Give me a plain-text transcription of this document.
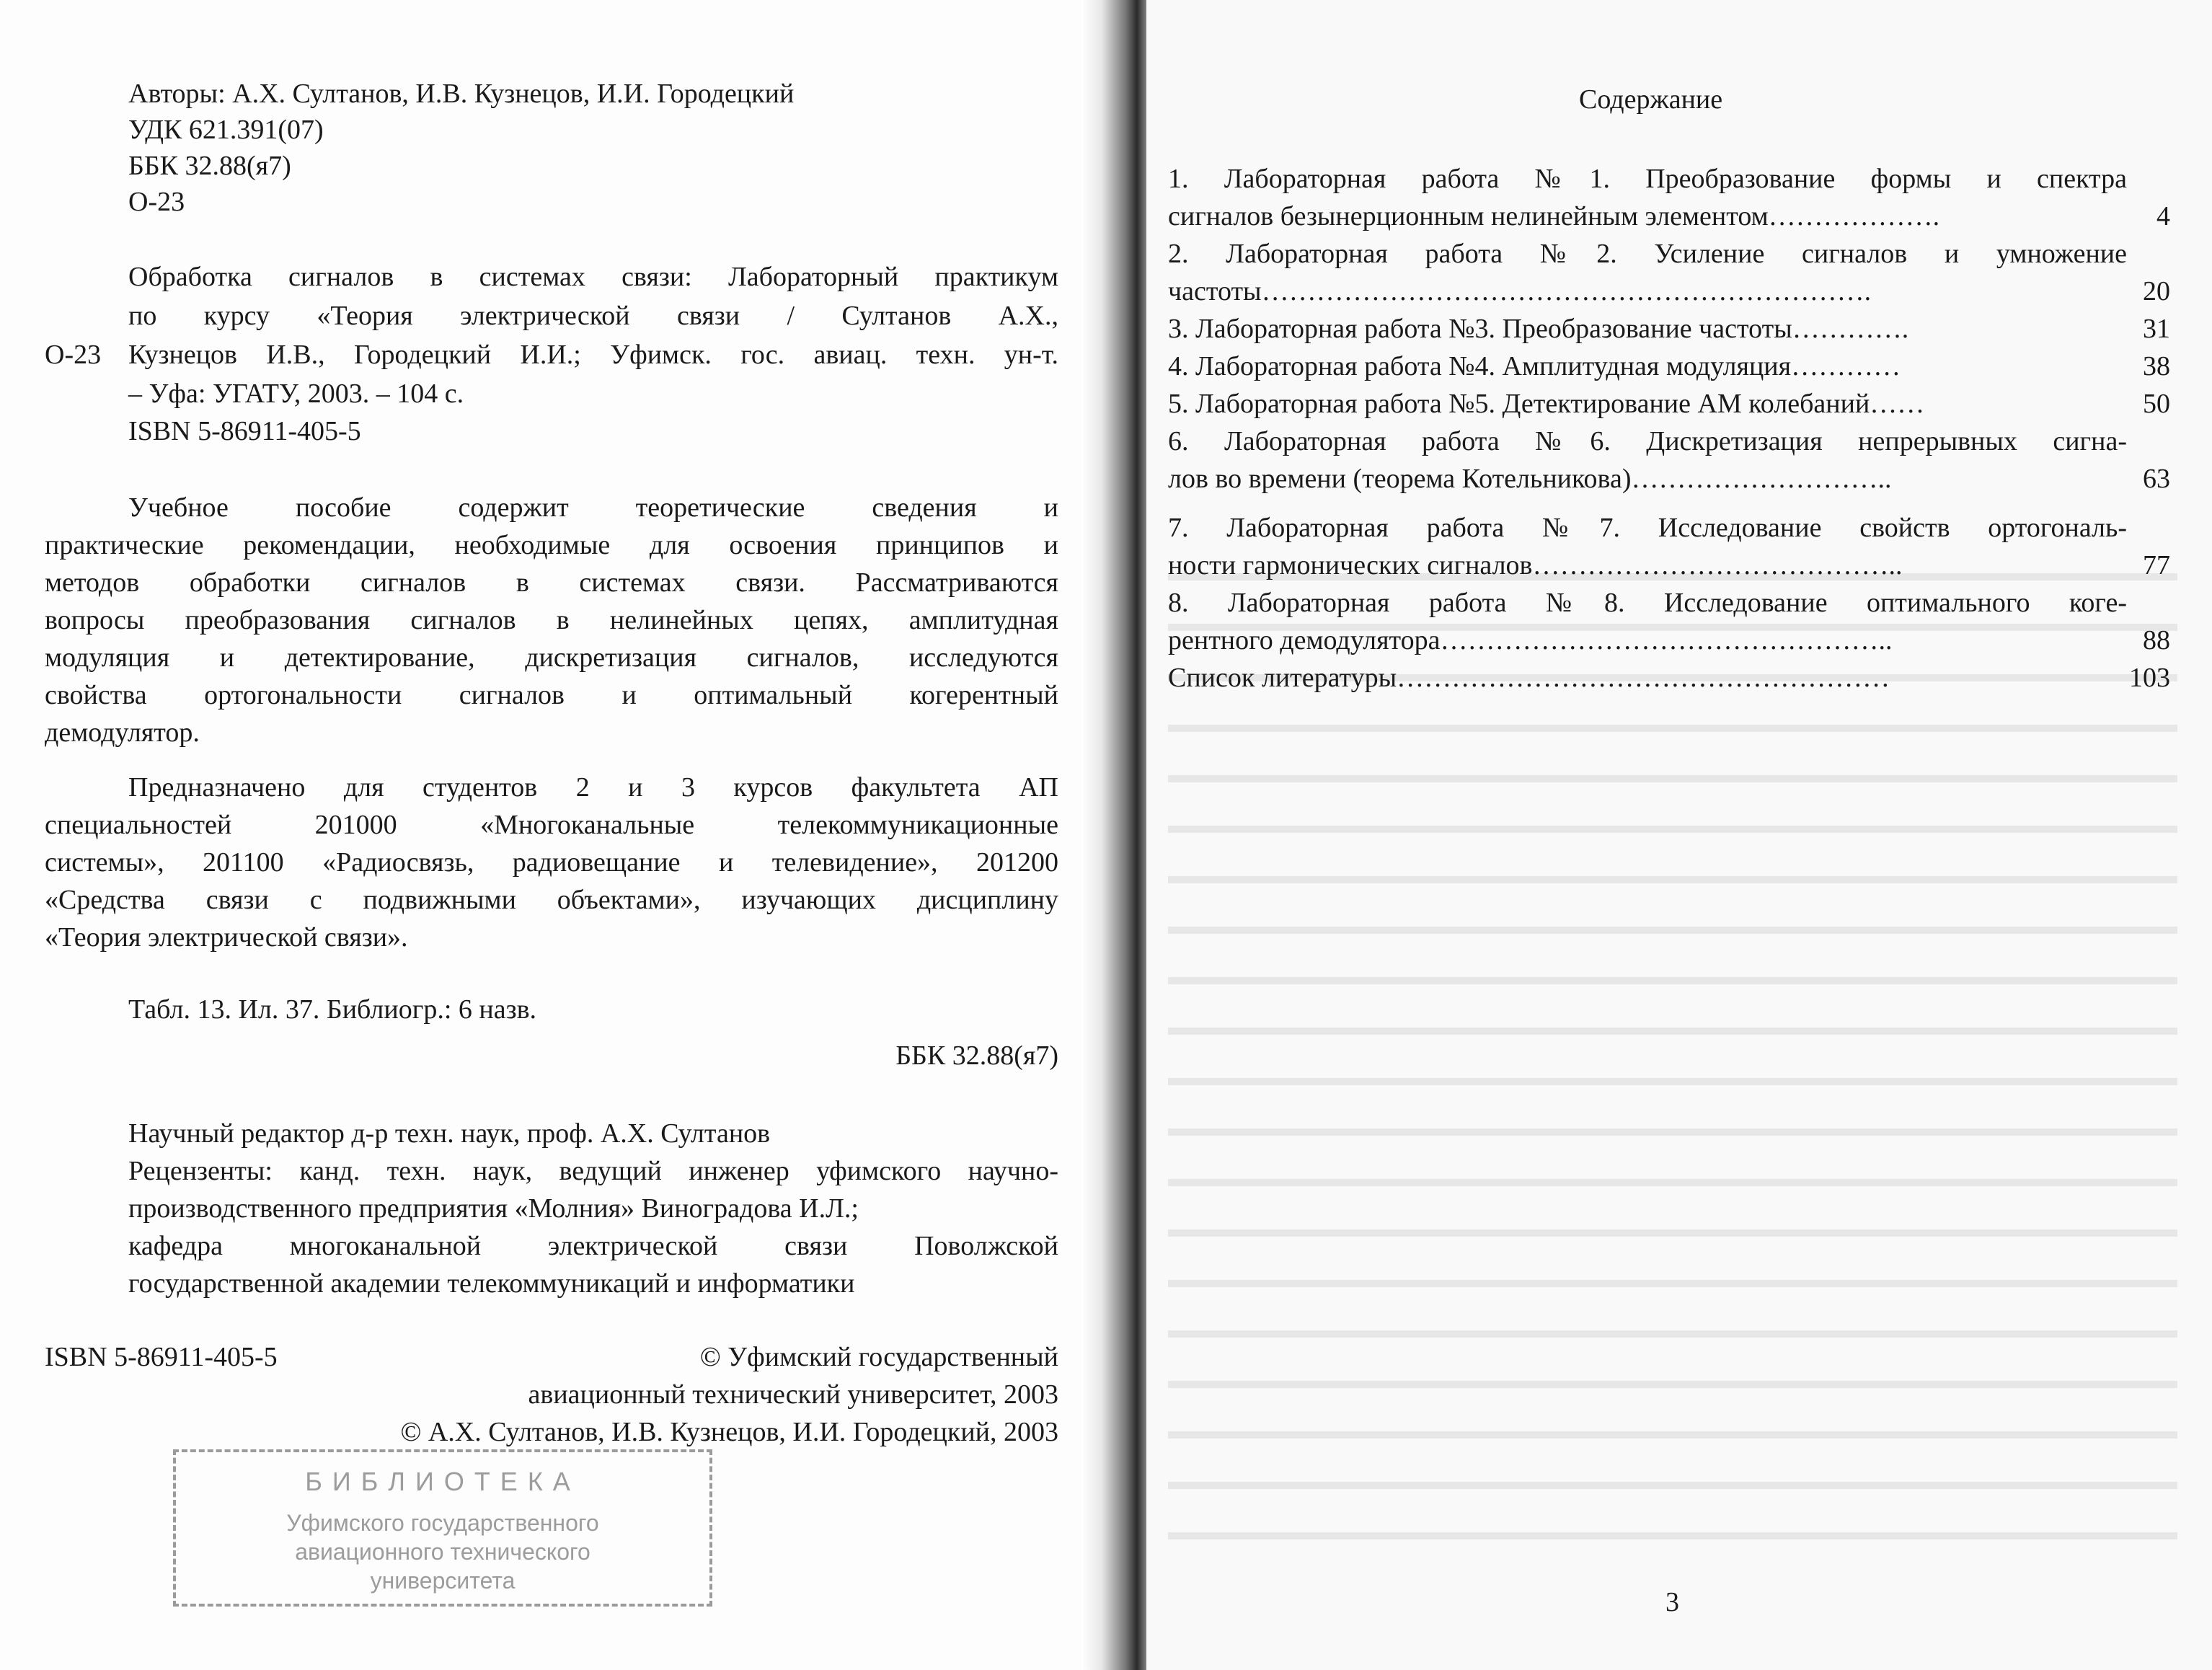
Авторы: А.Х. Султанов, И.В. Кузнецов, И.И. Городецкий
УДК 621.391(07)
ББК 32.88(я7)
О-23
Обработка сигналов в системах связи: Лабораторный практикум
по курсу «Теория электрической связи / Султанов А.Х.,
О-23 Кузнецов И.В., Городецкий И.И.; Уфимск. гос. авиац. техн. ун-т.
– Уфа: УГАТУ, 2003. – 104 с.
ISBN 5-86911-405-5
Учебное пособие содержит теоретические сведения и
практические рекомендации, необходимые для освоения принципов и
методов обработки сигналов в системах связи. Рассматриваются
вопросы преобразования сигналов в нелинейных цепях, амплитудная
модуляция и детектирование, дискретизация сигналов, исследуются
свойства ортогональности сигналов и оптимальный когерентный
демодулятор.
Предназначено для студентов 2 и 3 курсов факультета АП
специальностей 201000 «Многоканальные телекоммуникационные
системы», 201100 «Радиосвязь, радиовещание и телевидение», 201200
«Средства связи с подвижными объектами», изучающих дисциплину
«Теория электрической связи».
Табл. 13. Ил. 37. Библиогр.: 6 назв.
ББК 32.88(я7)
Научный редактор д-р техн. наук, проф. А.Х. Султанов
Рецензенты: канд. техн. наук, ведущий инженер уфимского научно-
производственного предприятия «Молния» Виноградова И.Л.;
кафедра многоканальной электрической связи Поволжской
государственной академии телекоммуникаций и информатики
ISBN 5-86911-405-5	© Уфимский государственный
авиационный технический университет, 2003
© А.Х. Султанов, И.В. Кузнецов, И.И. Городецкий, 2003
БИБЛИОТЕКА
Уфимского государственного
авиационного технического
университета
Содержание
1. Лабораторная работа №1. Преобразование формы и спектра
сигналов безынерционным нелинейным элементом……………….	4
2. Лабораторная работа №2. Усиление сигналов и умножение
частоты………………………………………………………….	20
3. Лабораторная работа №3. Преобразование частоты………….	31
4. Лабораторная работа №4. Амплитудная модуляция…………	38
5. Лабораторная работа №5. Детектирование АМ колебаний……	50
6. Лабораторная работа №6. Дискретизация непрерывных сигна-
лов во времени (теорема Котельникова)………………………..	63
7. Лабораторная работа №7. Исследование свойств ортогональ-
ности гармонических сигналов…………………………………..	77
8. Лабораторная работа №8. Исследование оптимального коге-
рентного демодулятора…………………………………………..	88
Список литературы………………………………………………	103
3
